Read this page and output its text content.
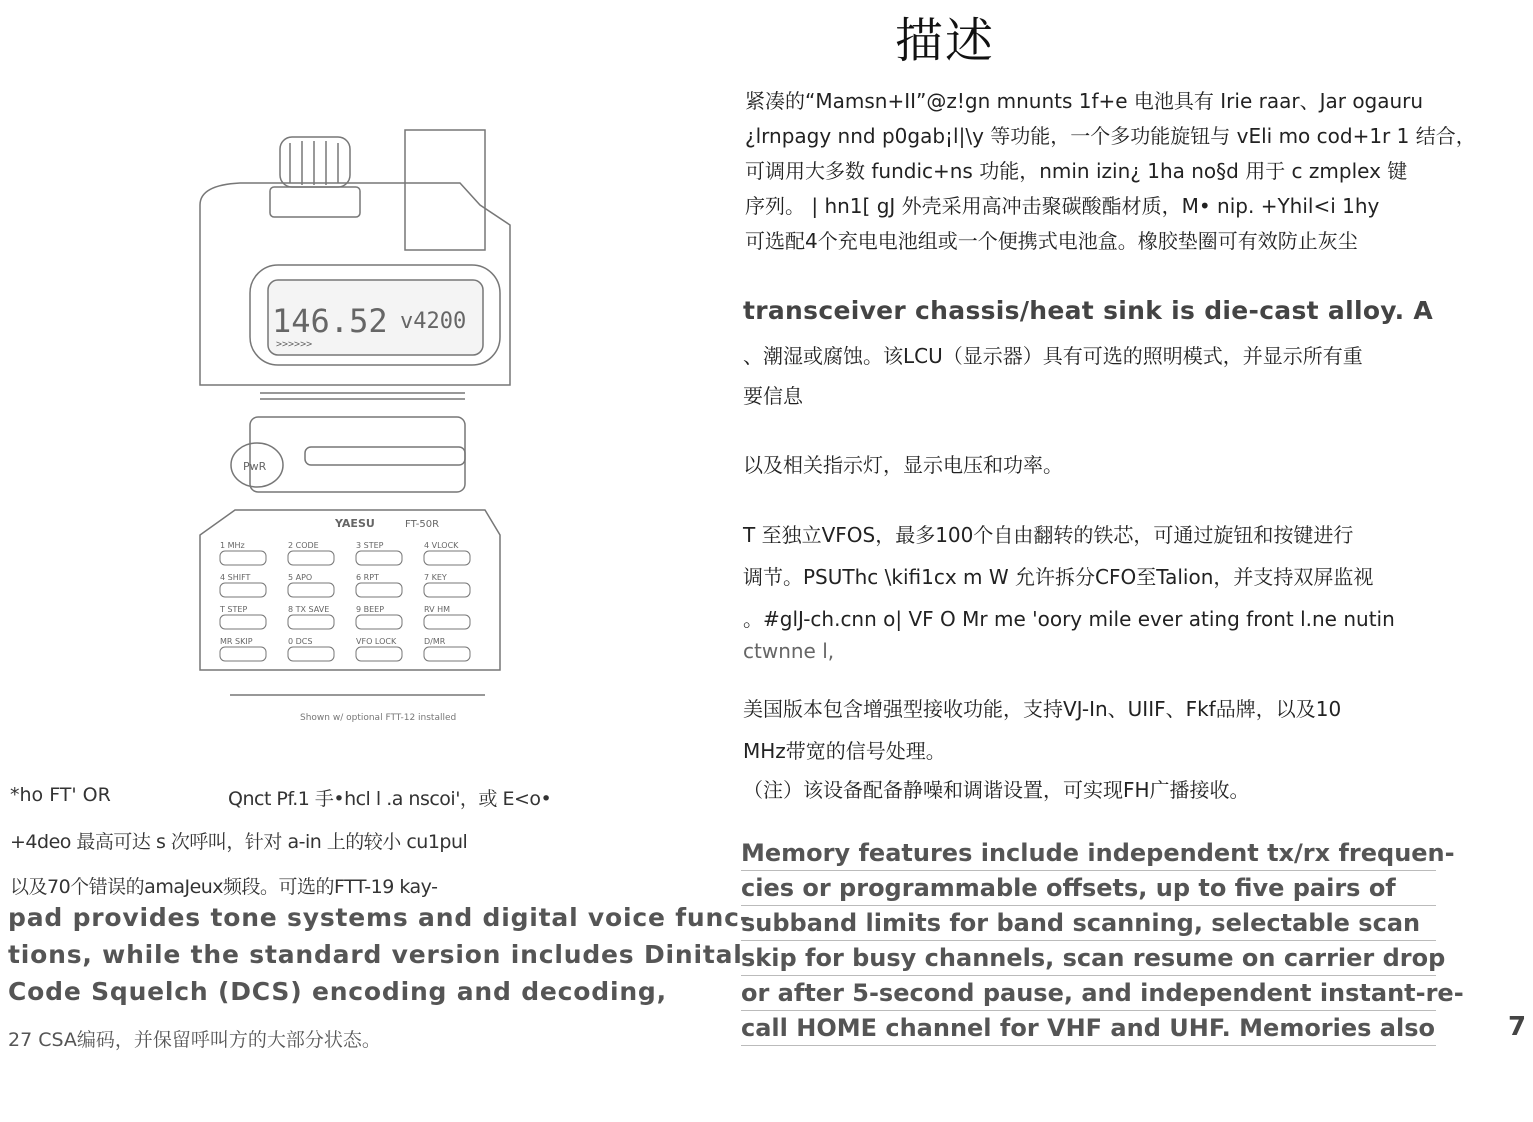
描述
紧凑的“Mamsn+II”@z!gn mnunts 1f+e 电池具有 Irie raar、Jar ogauru
¿lrnpagy nnd p0gab¡l|\y 等功能，一个多功能旋钮与 vEli mo cod+1r 1 结合，
可调用大多数 fundic+ns 功能，nmin izin¿ 1ha no§d 用于 c zmplex 键
序列。 | hn1[ gJ 外壳采用高冲击聚碳酸酯材质，M• nip. +Yhil<i 1hy
可选配4个充电电池组或一个便携式电池盒。橡胶垫圈可有效防止灰尘
transceiver chassis/heat sink is die-cast alloy. A
、潮湿或腐蚀。该LCU（显示器）具有可选的照明模式，并显示所有重
要信息
以及相关指示灯，显示电压和功率。
T 至独立VFOS，最多100个自由翻转的铁芯，可通过旋钮和按键进行
调节。PSUThc \kifi1cx m W 允许拆分CFO至Talion，并支持双屏监视
。#glJ-ch.cnn o| VF O Mr me 'oory mile ever ating front l.ne nutin
ctwnne l,
美国版本包含增强型接收功能，支持VJ-In、UIIF、Fkf品牌，以及10
MHz带宽的信号处理。
（注）该设备配备静噪和调谐设置，可实现FH广播接收。
Memory features include independent tx/rx frequen-
cies or programmable offsets, up to five pairs of
subband limits for band scanning, selectable scan
skip for busy channels, scan resume on carrier drop
or after 5-second pause, and independent instant-re-
call HOME channel for VHF and UHF. Memories also	7
*ho FT' OR	Qnct Pf.1 手•hcl l .a nscoi'，或 E<o•
+4deo 最高可达 s 次呼叫，针对 a-in 上的较小 cu1pul
以及70个错误的amaJeux频段。可选的FTT-19 kay-
pad provides tone systems and digital voice func-
tions, while the standard version includes Dinital
Code Squelch (DCS) encoding and decoding,
27 CSA编码，并保留呼叫方的大部分状态。
146.52 v4200
>>>>>>
PwR
YAESU	FT-50R
1 MHz	2 CODE	3 STEP	4 VLOCK
4 SHIFT	5 APO	6 RPT	7 KEY
T STEP	8 TX SAVE	9 BEEP	RV HM
MR SKIP	0 DCS	VFO LOCK	D/MR
Shown w/ optional FTT-12 installed
